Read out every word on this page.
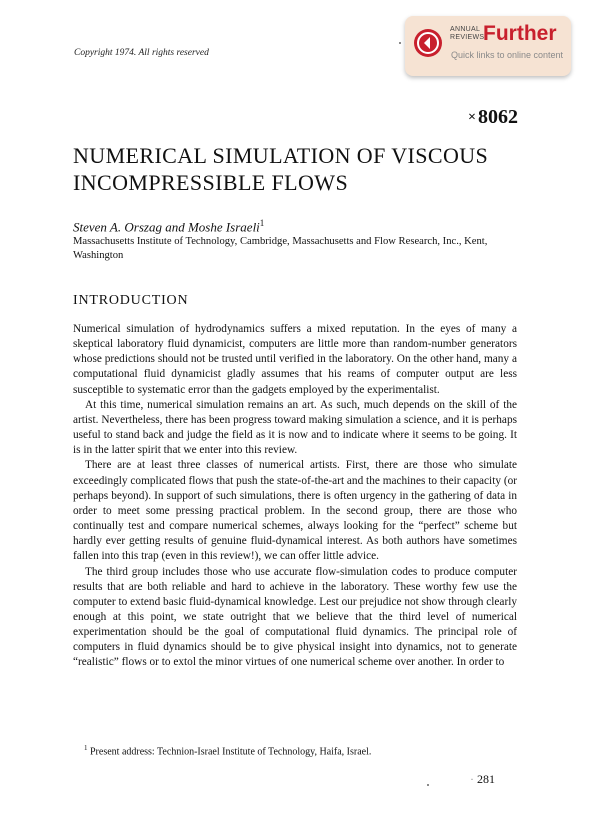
Copyright 1974. All rights reserved
ANNUAL
REVIEWS
Further
Quick links to online content
× 8062
NUMERICAL SIMULATION OF VISCOUS
INCOMPRESSIBLE FLOWS
Steven A. Orszag and Moshe Israeli$^1$
Massachusetts Institute of Technology, Cambridge, Massachusetts and Flow Research, Inc., Kent, Washington
INTRODUCTION

Numerical simulation of hydrodynamics suffers a mixed reputation. In the eyes of many a skeptical laboratory fluid dynamicist, computers are little more than random-number generators whose predictions should not be trusted until verified in the laboratory. On the other hand, many a computational fluid dynamicist gladly assumes that his reams of computer output are less susceptible to systematic error than the gadgets employed by the experimentalist.

At this time, numerical simulation remains an art. As such, much depends on the skill of the artist. Nevertheless, there has been progress toward making simulation a science, and it is perhaps useful to stand back and judge the field as it is now and to indicate where it seems to be going. It is in the latter spirit that we enter into this review.

There are at least three classes of numerical artists. First, there are those who simulate exceedingly complicated flows that push the state-of-the-art and the machines to their capacity (or perhaps beyond). In support of such simulations, there is often urgency in the gathering of data in order to meet some pressing practical problem. In the second group, there are those who continually test and compare numerical schemes, always looking for the “perfect” scheme but hardly ever getting results of genuine fluid-dynamical interest. As both authors have sometimes fallen into this trap (even in this review!), we can offer little advice.

The third group includes those who use accurate flow-simulation codes to produce computer results that are both reliable and hard to achieve in the laboratory. These worthy few use the computer to extend basic fluid-dynamical knowledge. Lest our prejudice not show through clearly enough at this point, we state outright that we believe that the third level of numerical experimentation should be the goal of computational fluid dynamics. The principal role of computers in fluid dynamics should be to give physical insight into dynamics, not to generate “realistic” flows or to extol the minor virtues of one numerical scheme over another. In order to

$^1$ Present address: Technion-Israel Institute of Technology, Haifa, Israel.
· 281
